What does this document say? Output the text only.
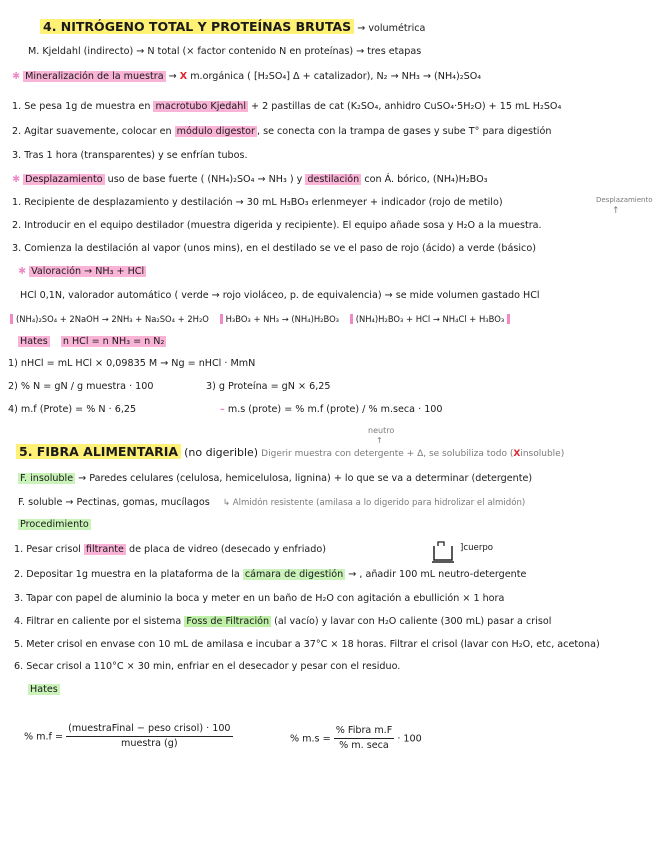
4. NITRÓGENO TOTAL Y PROTEÍNAS BRUTAS → volumétrica
M. Kjeldahl (indirecto) → N total (× factor contenido N en proteínas) → tres etapas
✱ Mineralización de la muestra → X m.orgánica ( [H₂SO₄] Δ + catalizador), N₂ → NH₃ → (NH₄)₂SO₄
1. Se pesa 1g de muestra en macrotubo Kjedahl + 2 pastillas de cat (K₂SO₄, anhidro CuSO₄·5H₂O) + 15 mL H₂SO₄
2. Agitar suavemente, colocar en módulo digestor , se conecta con la trampa de gases y sube T° para digestión
3. Tras 1 hora (transparentes) y se enfrían tubos.
✱ Desplazamiento uso de base fuerte ( (NH₄)₂SO₄ → NH₃ ) y destilación con Á. bórico, (NH₄)H₂BO₃
1. Recipiente de desplazamiento y destilación → 30 mL H₃BO₃ erlenmeyer + indicador (rojo de metilo)	Desplazamiento
↑
2. Introducir en el equipo destilador (muestra digerida y recipiente). El equipo añade sosa y H₂O a la muestra.
3. Comienza la destilación al vapor (unos mins), en el destilado se ve el paso de rojo (ácido) a verde (básico)
✱ Valoración → NH₃ + HCl
HCl 0,1N, valorador automático ( verde → rojo violáceo, p. de equivalencia) → se mide volumen gastado HCl
(NH₄)₂SO₄ + 2NaOH → 2NH₃ + Na₂SO₄ + 2H₂O H₃BO₃ + NH₃ → (NH₄)H₂BO₃ (NH₄)H₂BO₃ + HCl → NH₄Cl + H₃BO₃
Hates n HCl = n NH₃ = n N₂
1) nHCl = mL HCl × 0,09835 M → Ng = nHCl · MmN
2) % N = gN / g muestra · 100	3) g Proteína = gN × 6,25
4) m.f (Prote) = % N · 6,25	– m.s (prote) = % m.f (prote) / % m.seca · 100
neutro
↑
5. FIBRA ALIMENTARIA (no digerible) Digerir muestra con detergente + Δ, se solubiliza todo (Xinsoluble)
F. insoluble → Paredes celulares (celulosa, hemicelulosa, lignina) + lo que se va a determinar (detergente)
F. soluble → Pectinas, gomas, mucílagos ↳ Almidón resistente (amilasa a lo digerido para hidrolizar el almidón)
Procedimiento
]cuerpo
1. Pesar crisol filtrante de placa de vidreo (desecado y enfriado)
2. Depositar 1g muestra en la plataforma de la cámara de digestión → , añadir 100 mL neutro-detergente
3. Tapar con papel de aluminio la boca y meter en un baño de H₂O con agitación a ebullición × 1 hora
4. Filtrar en caliente por el sistema Foss de Filtración (al vacío) y lavar con H₂O caliente (300 mL) pasar a crisol
5. Meter crisol en envase con 10 mL de amilasa e incubar a 37°C × 18 horas. Filtrar el crisol (lavar con H₂O, etc, acetona)
6. Secar crisol a 110°C × 30 min, enfriar en el desecador y pesar con el residuo.
Hates
% $m.f = \frac{\text{(muestraFinal − peso crisol) · 100}}{\text{muestra (g)}}$	% $m.s = \frac{\text{\% Fibra m.F}}{\% m. \sec a} \cdot 100$
